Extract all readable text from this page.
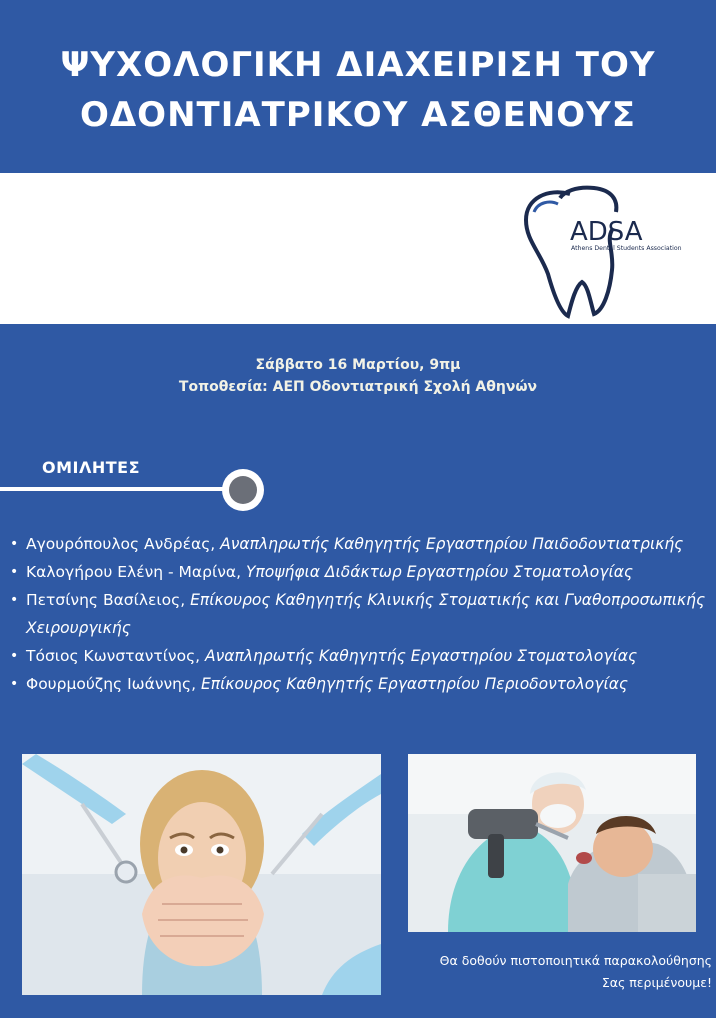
ΨΥΧΟΛΟΓΙΚΗ ΔΙΑΧΕΙΡΙΣΗ ΤΟΥ
ΟΔΟΝΤΙΑΤΡΙΚΟΥ ΑΣΘΕΝΟΥΣ
ADSA
Athens Dental Students Association
Σάββατο 16 Μαρτίου, 9πμ
Τοποθεσία: ΑΕΠ Οδοντιατρική Σχολή Αθηνών
ΟΜΙΛΗΤΕΣ
• Αγουρόπουλος Ανδρέας, Αναπληρωτής Καθηγητής Εργαστηρίου Παιδοδοντιατρικής
• Καλογήρου Ελένη - Μαρίνα, Υποψήφια Διδάκτωρ Εργαστηρίου Στοματολογίας
• Πετσίνης Βασίλειος, Επίκουρος Καθηγητής Κλινικής Στοματικής και Γναθοπροσωπικής Χειρουργικής
• Τόσιος Κωνσταντίνος, Αναπληρωτής Καθηγητής Εργαστηρίου Στοματολογίας
• Φουρμούζης Ιωάννης, Επίκουρος Καθηγητής Εργαστηρίου Περιοδοντολογίας
Θα δοθούν πιστοποιητικά παρακολούθησης
Σας περιμένουμε!
